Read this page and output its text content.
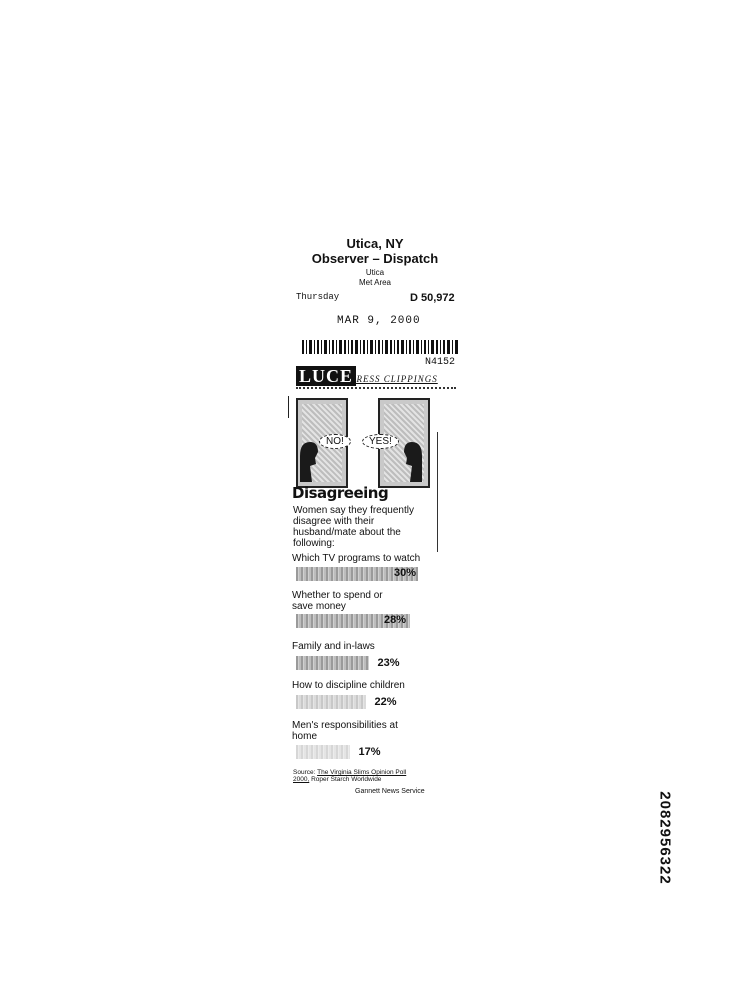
Utica, NY
Observer – Dispatch
Utica
Met Area
Thursday	D 50,972
MAR 9, 2000
N4152
LUCE
PRESS CLIPPINGS
NO!	YES!
Disagreeing
Women say they frequently disagree with their husband/mate about the following:
Which TV programs to watch
30%
Whether to spend or save money
28%
Family and in-laws
23%
How to discipline children
22%
Men's responsibilities at home
17%
Source: The Virginia Slims Opinion Poll 2000, Roper Starch Worldwide
Gannett News Service	2082956322
